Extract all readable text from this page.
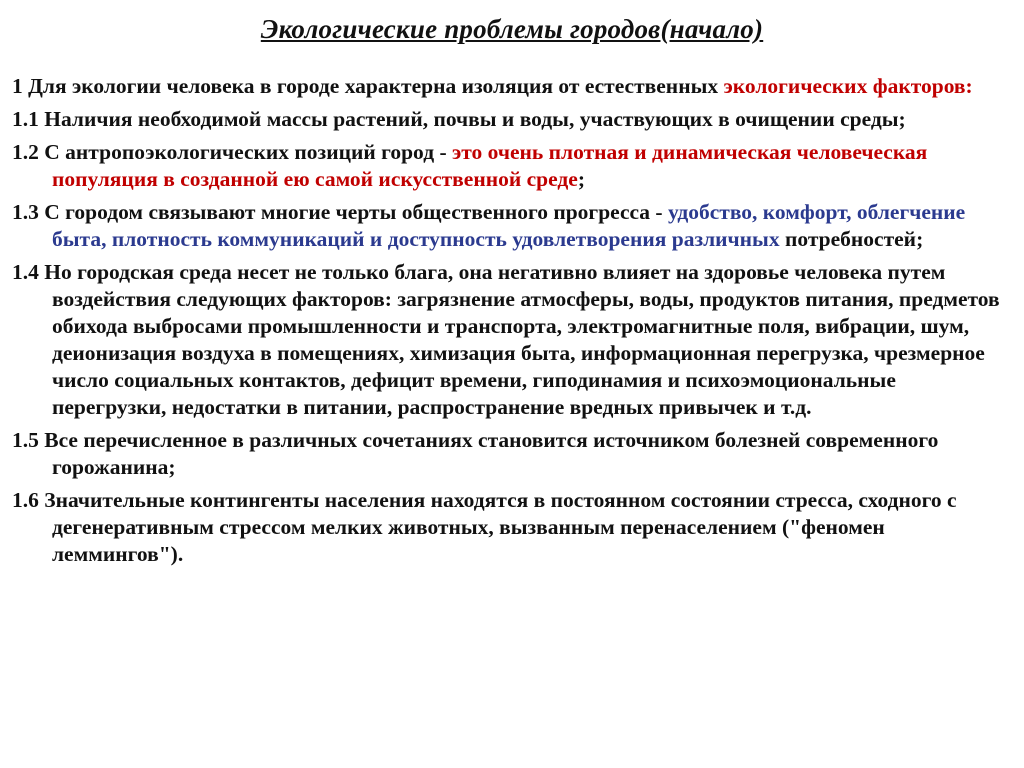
Экологические проблемы городов(начало)

1 Для экологии человека в городе характерна изоляция от естественных экологических факторов:

1.1 Наличия необходимой массы растений, почвы и воды, участвующих в очищении среды;

1.2 С антропоэкологических позиций город - это очень плотная и динамическая человеческая популяция в созданной ею самой искусственной среде;

1.3 С городом связывают многие черты общественного прогресса - удобство, комфорт, облегчение быта, плотность коммуникаций и доступность удовлетворения различных потребностей;

1.4 Но городская среда несет не только блага, она негативно влияет на здоровье человека путем воздействия следующих факторов: загрязнение атмосферы, воды, продуктов питания, предметов обихода выбросами промышленности и транспорта, электромагнитные поля, вибрации, шум, деионизация воздуха в помещениях, химизация быта, информационная перегрузка, чрезмерное число социальных контактов, дефицит времени, гиподинамия и психоэмоциональные перегрузки, недостатки в питании, распространение вредных привычек и т.д.

1.5 Все перечисленное в различных сочетаниях становится источником болезней современного горожанина;

1.6 Значительные контингенты населения находятся в постоянном состоянии стресса, сходного с дегенеративным стрессом мелких животных, вызванным перенаселением ("феномен леммингов").
